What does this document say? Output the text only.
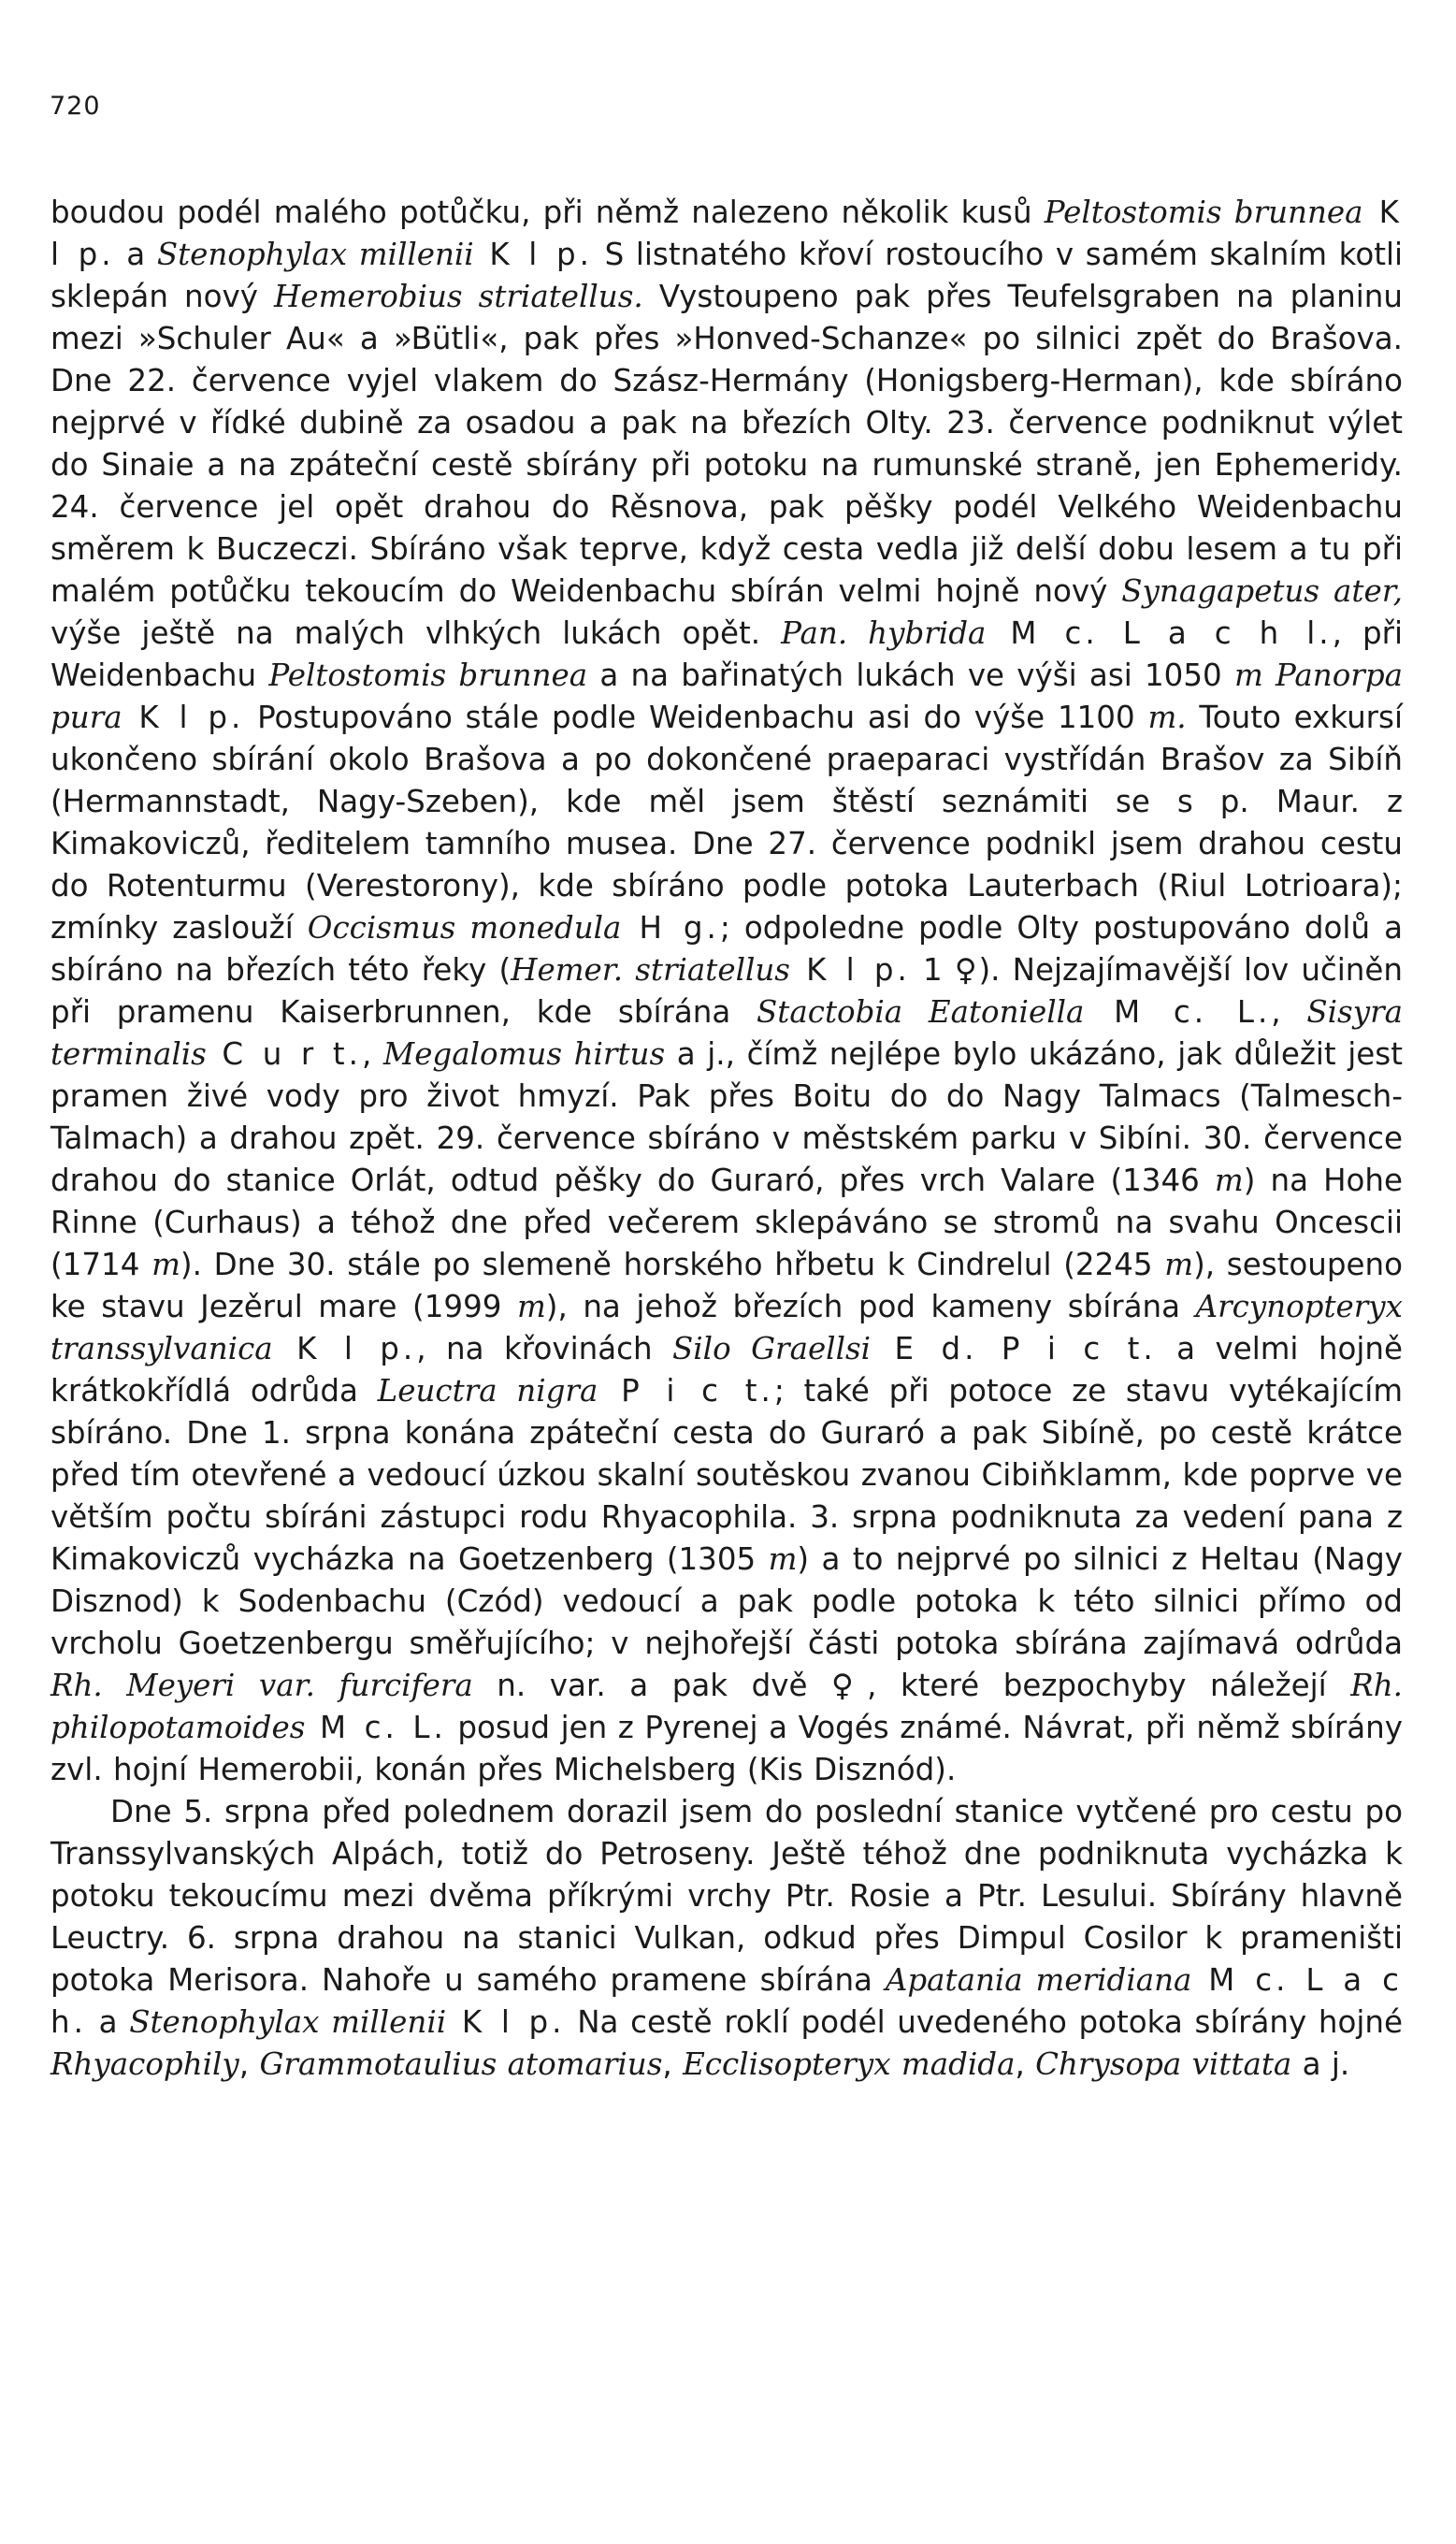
720

boudou podél malého potůčku, při němž nalezeno několik kusů Peltostomis brunnea K l p. a Stenophylax millenii K l p. S listnatého křoví rostoucího v samém skalním kotli sklepán nový Hemerobius striatellus. Vystoupeno pak přes Teufelsgraben na planinu mezi »Schuler Au« a »Bütli«, pak přes »Honved-Schanze« po silnici zpět do Brašova. Dne 22. července vyjel vlakem do Szász-Hermány (Honigsberg-Herman), kde sbíráno nejprvé v řídké dubině za osadou a pak na březích Olty. 23. července podniknut výlet do Sinaie a na zpáteční cestě sbírány při potoku na rumunské straně, jen Ephemeridy. 24. července jel opět drahou do Rěsnova, pak pěšky podél Velkého Weidenbachu směrem k Buczeczi. Sbíráno však teprve, když cesta vedla již delší dobu lesem a tu při malém potůčku tekoucím do Weidenbachu sbírán velmi hojně nový Synagapetus ater, výše ještě na malých vlhkých lukách opět. Pan. hybrida M c. L a c h l., při Weidenbachu Peltostomis brunnea a na bařinatých lukách ve výši asi 1050 m Panorpa pura K l p. Postupováno stále podle Weidenbachu asi do výše 1100 m. Touto exkursí ukončeno sbírání okolo Brašova a po dokončené praeparaci vystřídán Brašov za Sibíň (Hermannstadt, Nagy-Szeben), kde měl jsem štěstí seznámiti se s p. Maur. z Kimakoviczů, ředitelem tamního musea. Dne 27. července podnikl jsem drahou cestu do Rotenturmu (Verestorony), kde sbíráno podle potoka Lauterbach (Riul Lotrioara); zmínky zaslouží Occismus monedula H g.; odpoledne podle Olty postupováno dolů a sbíráno na březích této řeky (Hemer. striatellus K l p. 1 ♀). Nejzajímavější lov učiněn při pramenu Kaiserbrunnen, kde sbírána Stactobia Eatoniella M c. L., Sisyra terminalis C u r t., Megalomus hirtus a j., čímž nejlépe bylo ukázáno, jak důležit jest pramen živé vody pro život hmyzí. Pak přes Boitu do do Nagy Talmacs (Talmesch-Talmach) a drahou zpět. 29. července sbíráno v městském parku v Sibíni. 30. července drahou do stanice Orlát, odtud pěšky do Guraró, přes vrch Valare (1346 m) na Hohe Rinne (Curhaus) a téhož dne před večerem sklepáváno se stromů na svahu Oncescii (1714 m). Dne 30. stále po slemeně horského hřbetu k Cindrelul (2245 m), sestoupeno ke stavu Jezěrul mare (1999 m), na jehož březích pod kameny sbírána Arcynopteryx transsylvanica K l p., na křovinách Silo Graellsi E d. P i c t. a velmi hojně krátkokřídlá odrůda Leuctra nigra P i c t.; také při potoce ze stavu vytékajícím sbíráno. Dne 1. srpna konána zpáteční cesta do Guraró a pak Sibíně, po cestě krátce před tím otevřené a vedoucí úzkou skalní soutěskou zvanou Cibiňklamm, kde poprve ve větším počtu sbíráni zástupci rodu Rhyacophila. 3. srpna podniknuta za vedení pana z Kimakoviczů vycházka na Goetzenberg (1305 m) a to nejprvé po silnici z Heltau (Nagy Disznod) k Sodenbachu (Czód) vedoucí a pak podle potoka k této silnici přímo od vrcholu Goetzenbergu směřujícího; v nejhořejší části potoka sbírána zajímavá odrůda Rh. Meyeri var. furcifera n. var. a pak dvě ♀, které bezpochyby náležejí Rh. philopotamoides M c. L. posud jen z Pyrenej a Vogés známé. Návrat, při němž sbírány zvl. hojní Hemerobii, konán přes Michelsberg (Kis Disznód).

Dne 5. srpna před polednem dorazil jsem do poslední stanice vytčené pro cestu po Transsylvanských Alpách, totiž do Petroseny. Ještě téhož dne podniknuta vycházka k potoku tekoucímu mezi dvěma příkrými vrchy Ptr. Rosie a Ptr. Lesului. Sbírány hlavně Leuctry. 6. srpna drahou na stanici Vulkan, odkud přes Dimpul Cosilor k prameništi potoka Merisora. Nahoře u samého pramene sbírána Apatania meridiana M c. L a c h. a Stenophylax millenii K l p. Na cestě roklí podél uvedeného potoka sbírány hojné Rhyacophily, Grammotaulius atomarius, Ecclisopteryx madida, Chrysopa vittata a j.
